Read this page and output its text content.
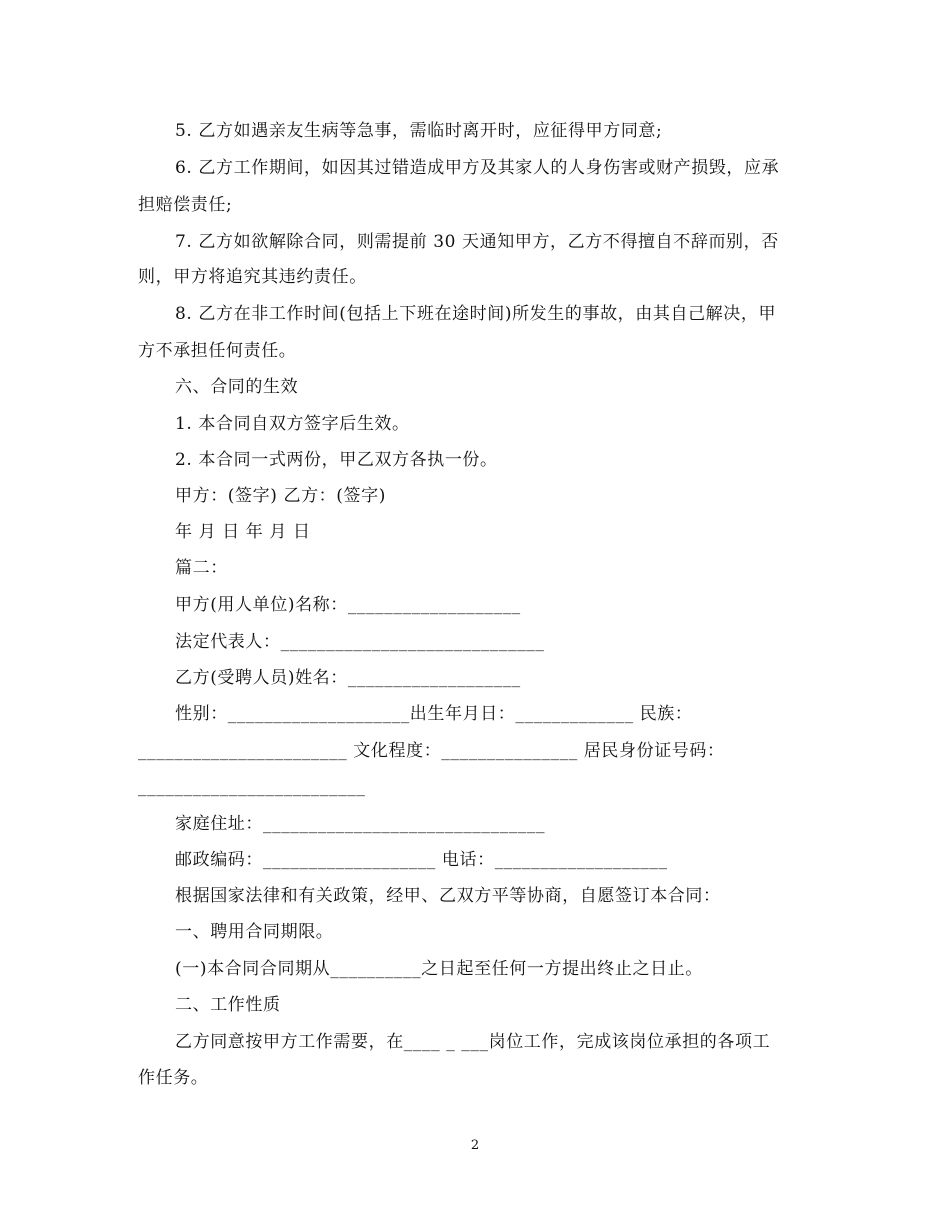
5. 乙方如遇亲友生病等急事，需临时离开时，应征得甲方同意;
6. 乙方工作期间，如因其过错造成甲方及其家人的人身伤害或财产损毁，应承
担赔偿责任;
7. 乙方如欲解除合同，则需提前 30 天通知甲方，乙方不得擅自不辞而别，否
则，甲方将追究其违约责任。
8. 乙方在非工作时间(包括上下班在途时间)所发生的事故，由其自己解决，甲
方不承担任何责任。
六、合同的生效
1. 本合同自双方签字后生效。
2. 本合同一式两份，甲乙双方各执一份。
甲方：(签字) 乙方：(签字)
年 月 日 年 月 日
篇二：
甲方(用人单位)名称：___________________
法定代表人：_____________________________
乙方(受聘人员)姓名：___________________
性别：____________________出生年月日：_____________ 民族：
_______________________ 文化程度：_______________ 居民身份证号码：
_________________________
家庭住址：_______________________________
邮政编码：___________________ 电话：___________________
根据国家法律和有关政策，经甲、乙双方平等协商，自愿签订本合同：
一、聘用合同期限。
(一)本合同合同期从__________之日起至任何一方提出终止之日止。
二、工作性质
乙方同意按甲方工作需要，在____ _ ___岗位工作，完成该岗位承担的各项工
作任务。
2
